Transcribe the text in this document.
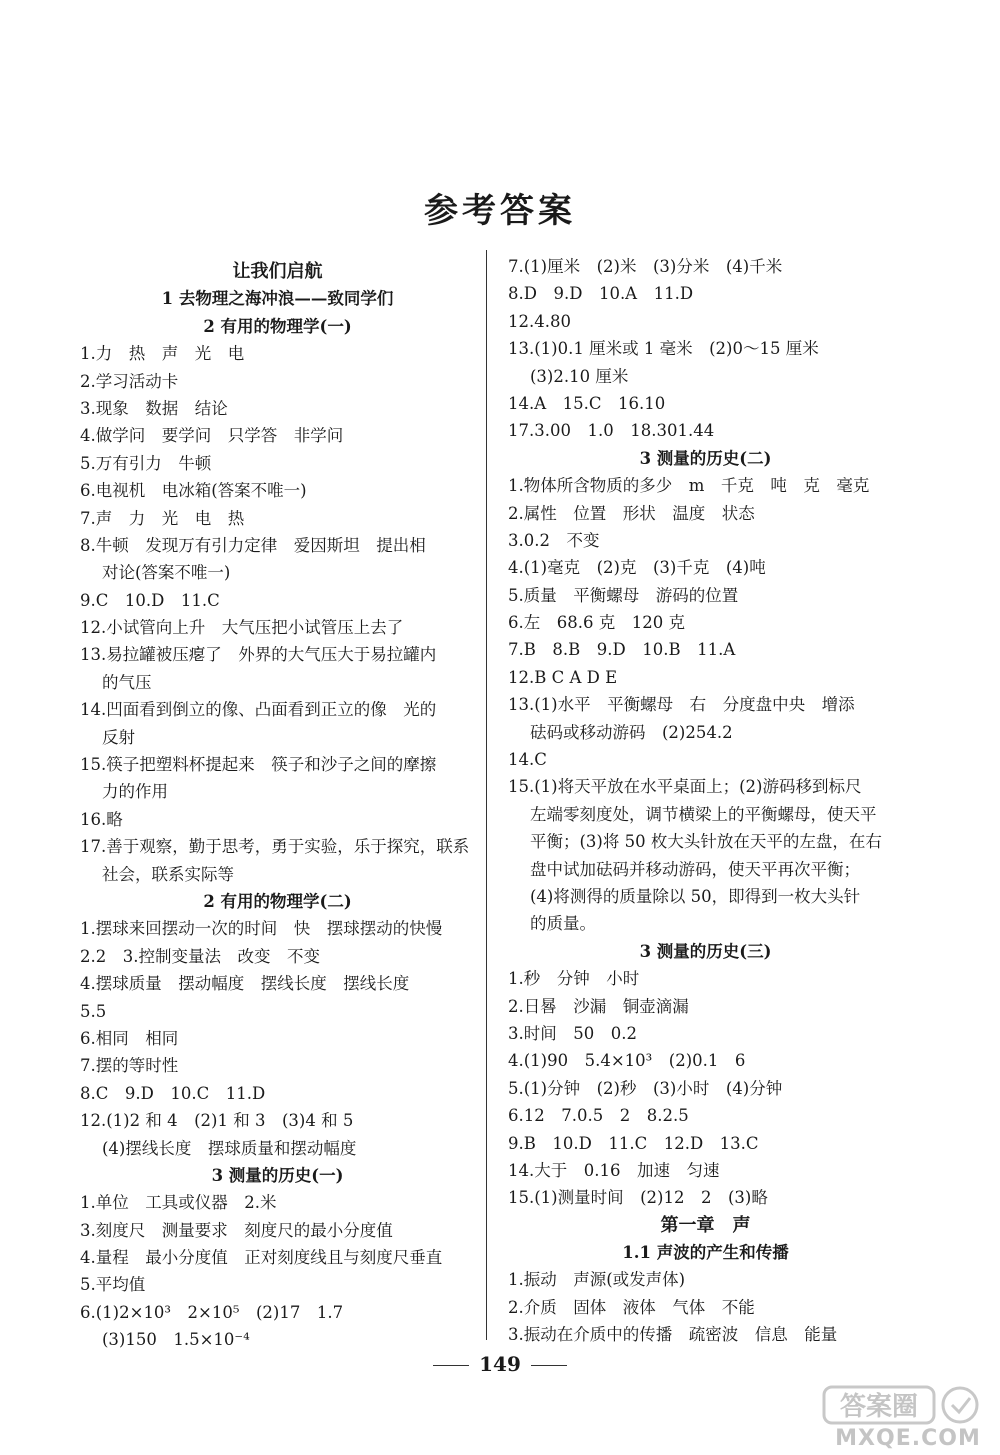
参考答案
让我们启航
1 去物理之海冲浪——致同学们
2 有用的物理学(一)
1.力　热　声　光　电
2.学习活动卡
3.现象　数据　结论
4.做学问　要学问　只学答　非学问
5.万有引力　牛顿
6.电视机　电冰箱(答案不唯一)
7.声　力　光　电　热
8.牛顿　发现万有引力定律　爱因斯坦　提出相
对论(答案不唯一)
9.C　10.D　11.C
12.小试管向上升　大气压把小试管压上去了
13.易拉罐被压瘪了　外界的大气压大于易拉罐内
的气压
14.凹面看到倒立的像、凸面看到正立的像　光的
反射
15.筷子把塑料杯提起来　筷子和沙子之间的摩擦
力的作用
16.略
17.善于观察，勤于思考，勇于实验，乐于探究，联系
社会，联系实际等
2 有用的物理学(二)
1.摆球来回摆动一次的时间　快　摆球摆动的快慢
2.2　3.控制变量法　改变　不变
4.摆球质量　摆动幅度　摆线长度　摆线长度
5.5
6.相同　相同
7.摆的等时性
8.C　9.D　10.C　11.D
12.(1)2 和 4　(2)1 和 3　(3)4 和 5
(4)摆线长度　摆球质量和摆动幅度
3 测量的历史(一)
1.单位　工具或仪器　2.米
3.刻度尺　测量要求　刻度尺的最小分度值
4.量程　最小分度值　正对刻度线且与刻度尺垂直
5.平均值
6.(1)2×10³　2×10⁵　(2)17　1.7
(3)150　1.5×10⁻⁴
7.(1)厘米　(2)米　(3)分米　(4)千米
8.D　9.D　10.A　11.D
12.4.80
13.(1)0.1 厘米或 1 毫米　(2)0～15 厘米
(3)2.10 厘米
14.A　15.C　16.10
17.3.00　1.0　18.301.44
3 测量的历史(二)
1.物体所含物质的多少　m　千克　吨　克　毫克
2.属性　位置　形状　温度　状态
3.0.2　不变
4.(1)毫克　(2)克　(3)千克　(4)吨
5.质量　平衡螺母　游码的位置
6.左　68.6 克　120 克
7.B　8.B　9.D　10.B　11.A
12.B C A D E
13.(1)水平　平衡螺母　右　分度盘中央　增添
砝码或移动游码　(2)254.2
14.C
15.(1)将天平放在水平桌面上；(2)游码移到标尺
左端零刻度处，调节横梁上的平衡螺母，使天平
平衡；(3)将 50 枚大头针放在天平的左盘，在右
盘中试加砝码并移动游码，使天平再次平衡；
(4)将测得的质量除以 50，即得到一枚大头针
的质量。
3 测量的历史(三)
1.秒　分钟　小时
2.日晷　沙漏　铜壶滴漏
3.时间　50　0.2
4.(1)90　5.4×10³　(2)0.1　6
5.(1)分钟　(2)秒　(3)小时　(4)分钟
6.12　7.0.5　2　8.2.5
9.B　10.D　11.C　12.D　13.C
14.大于　0.16　加速　匀速
15.(1)测量时间　(2)12　2　(3)略
第一章　声
1.1 声波的产生和传播
1.振动　声源(或发声体)
2.介质　固体　液体　气体　不能
3.振动在介质中的传播　疏密波　信息　能量
149
答案圈
MXQE.COM
